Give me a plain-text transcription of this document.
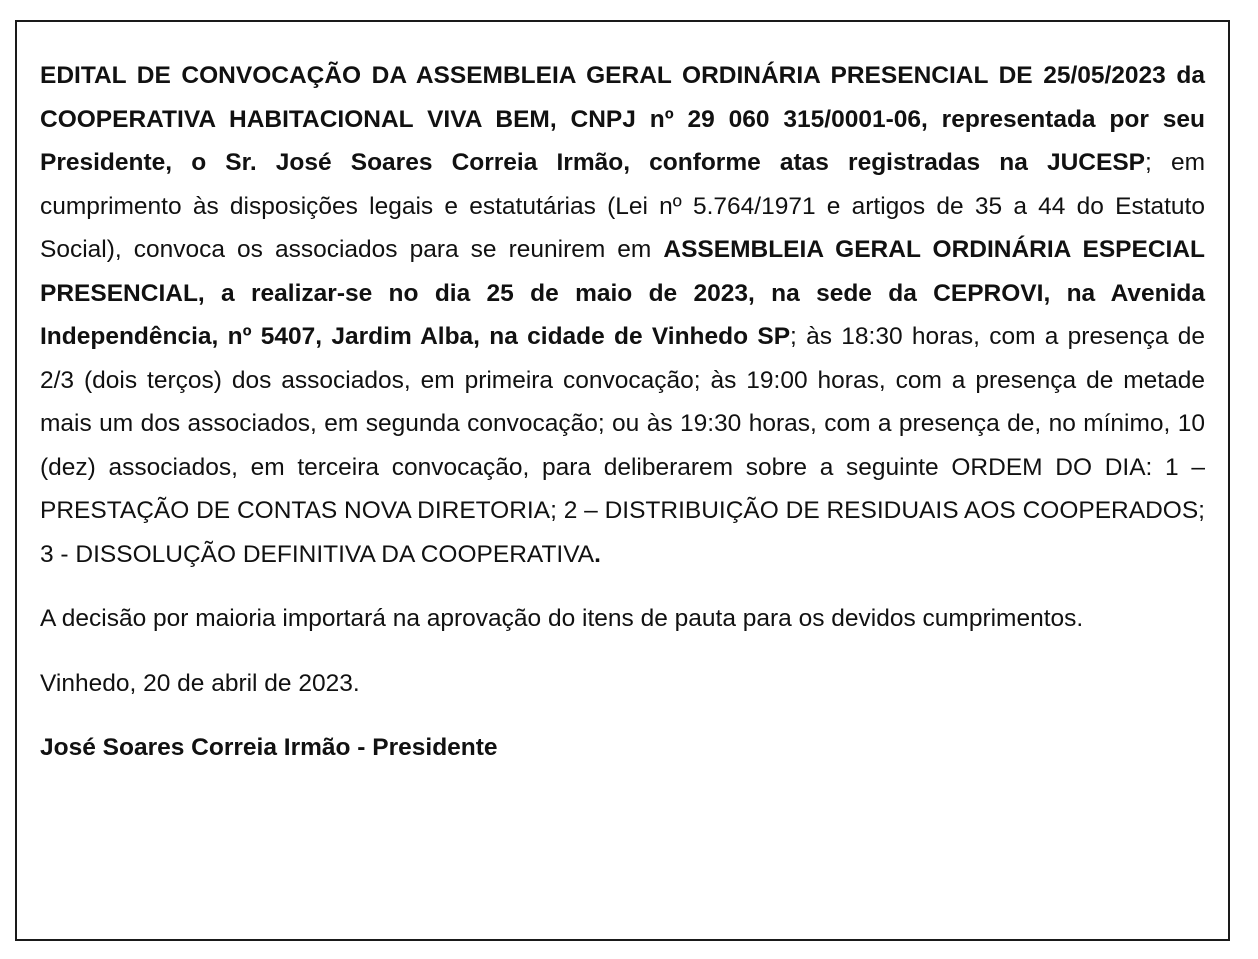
EDITAL DE CONVOCAÇÃO DA ASSEMBLEIA GERAL ORDINÁRIA PRESENCIAL DE 25/05/2023 da COOPERATIVA HABITACIONAL VIVA BEM, CNPJ nº 29 060 315/0001-06, representada por seu Presidente, o Sr. José Soares Correia Irmão, conforme atas registradas na JUCESP; em cumprimento às disposições legais e estatutárias (Lei nº 5.764/1971 e artigos de 35 a 44 do Estatuto Social), convoca os associados para se reunirem em ASSEMBLEIA GERAL ORDINÁRIA ESPECIAL PRESENCIAL, a realizar-se no dia 25 de maio de 2023, na sede da CEPROVI, na Avenida Independência, nº 5407, Jardim Alba, na cidade de Vinhedo SP; às 18:30 horas, com a presença de 2/3 (dois terços) dos associados, em primeira convocação; às 19:00 horas, com a presença de metade mais um dos associados, em segunda convocação; ou às 19:30 horas, com a presença de, no mínimo, 10 (dez) associados, em terceira convocação, para deliberarem sobre a seguinte ORDEM DO DIA: 1 – PRESTAÇÃO DE CONTAS NOVA DIRETORIA; 2 – DISTRIBUIÇÃO DE RESIDUAIS AOS COOPERADOS; 3 - DISSOLUÇÃO DEFINITIVA DA COOPERATIVA.

A decisão por maioria importará na aprovação do itens de pauta para os devidos cumprimentos.

Vinhedo, 20 de abril de 2023.

José Soares Correia Irmão - Presidente
